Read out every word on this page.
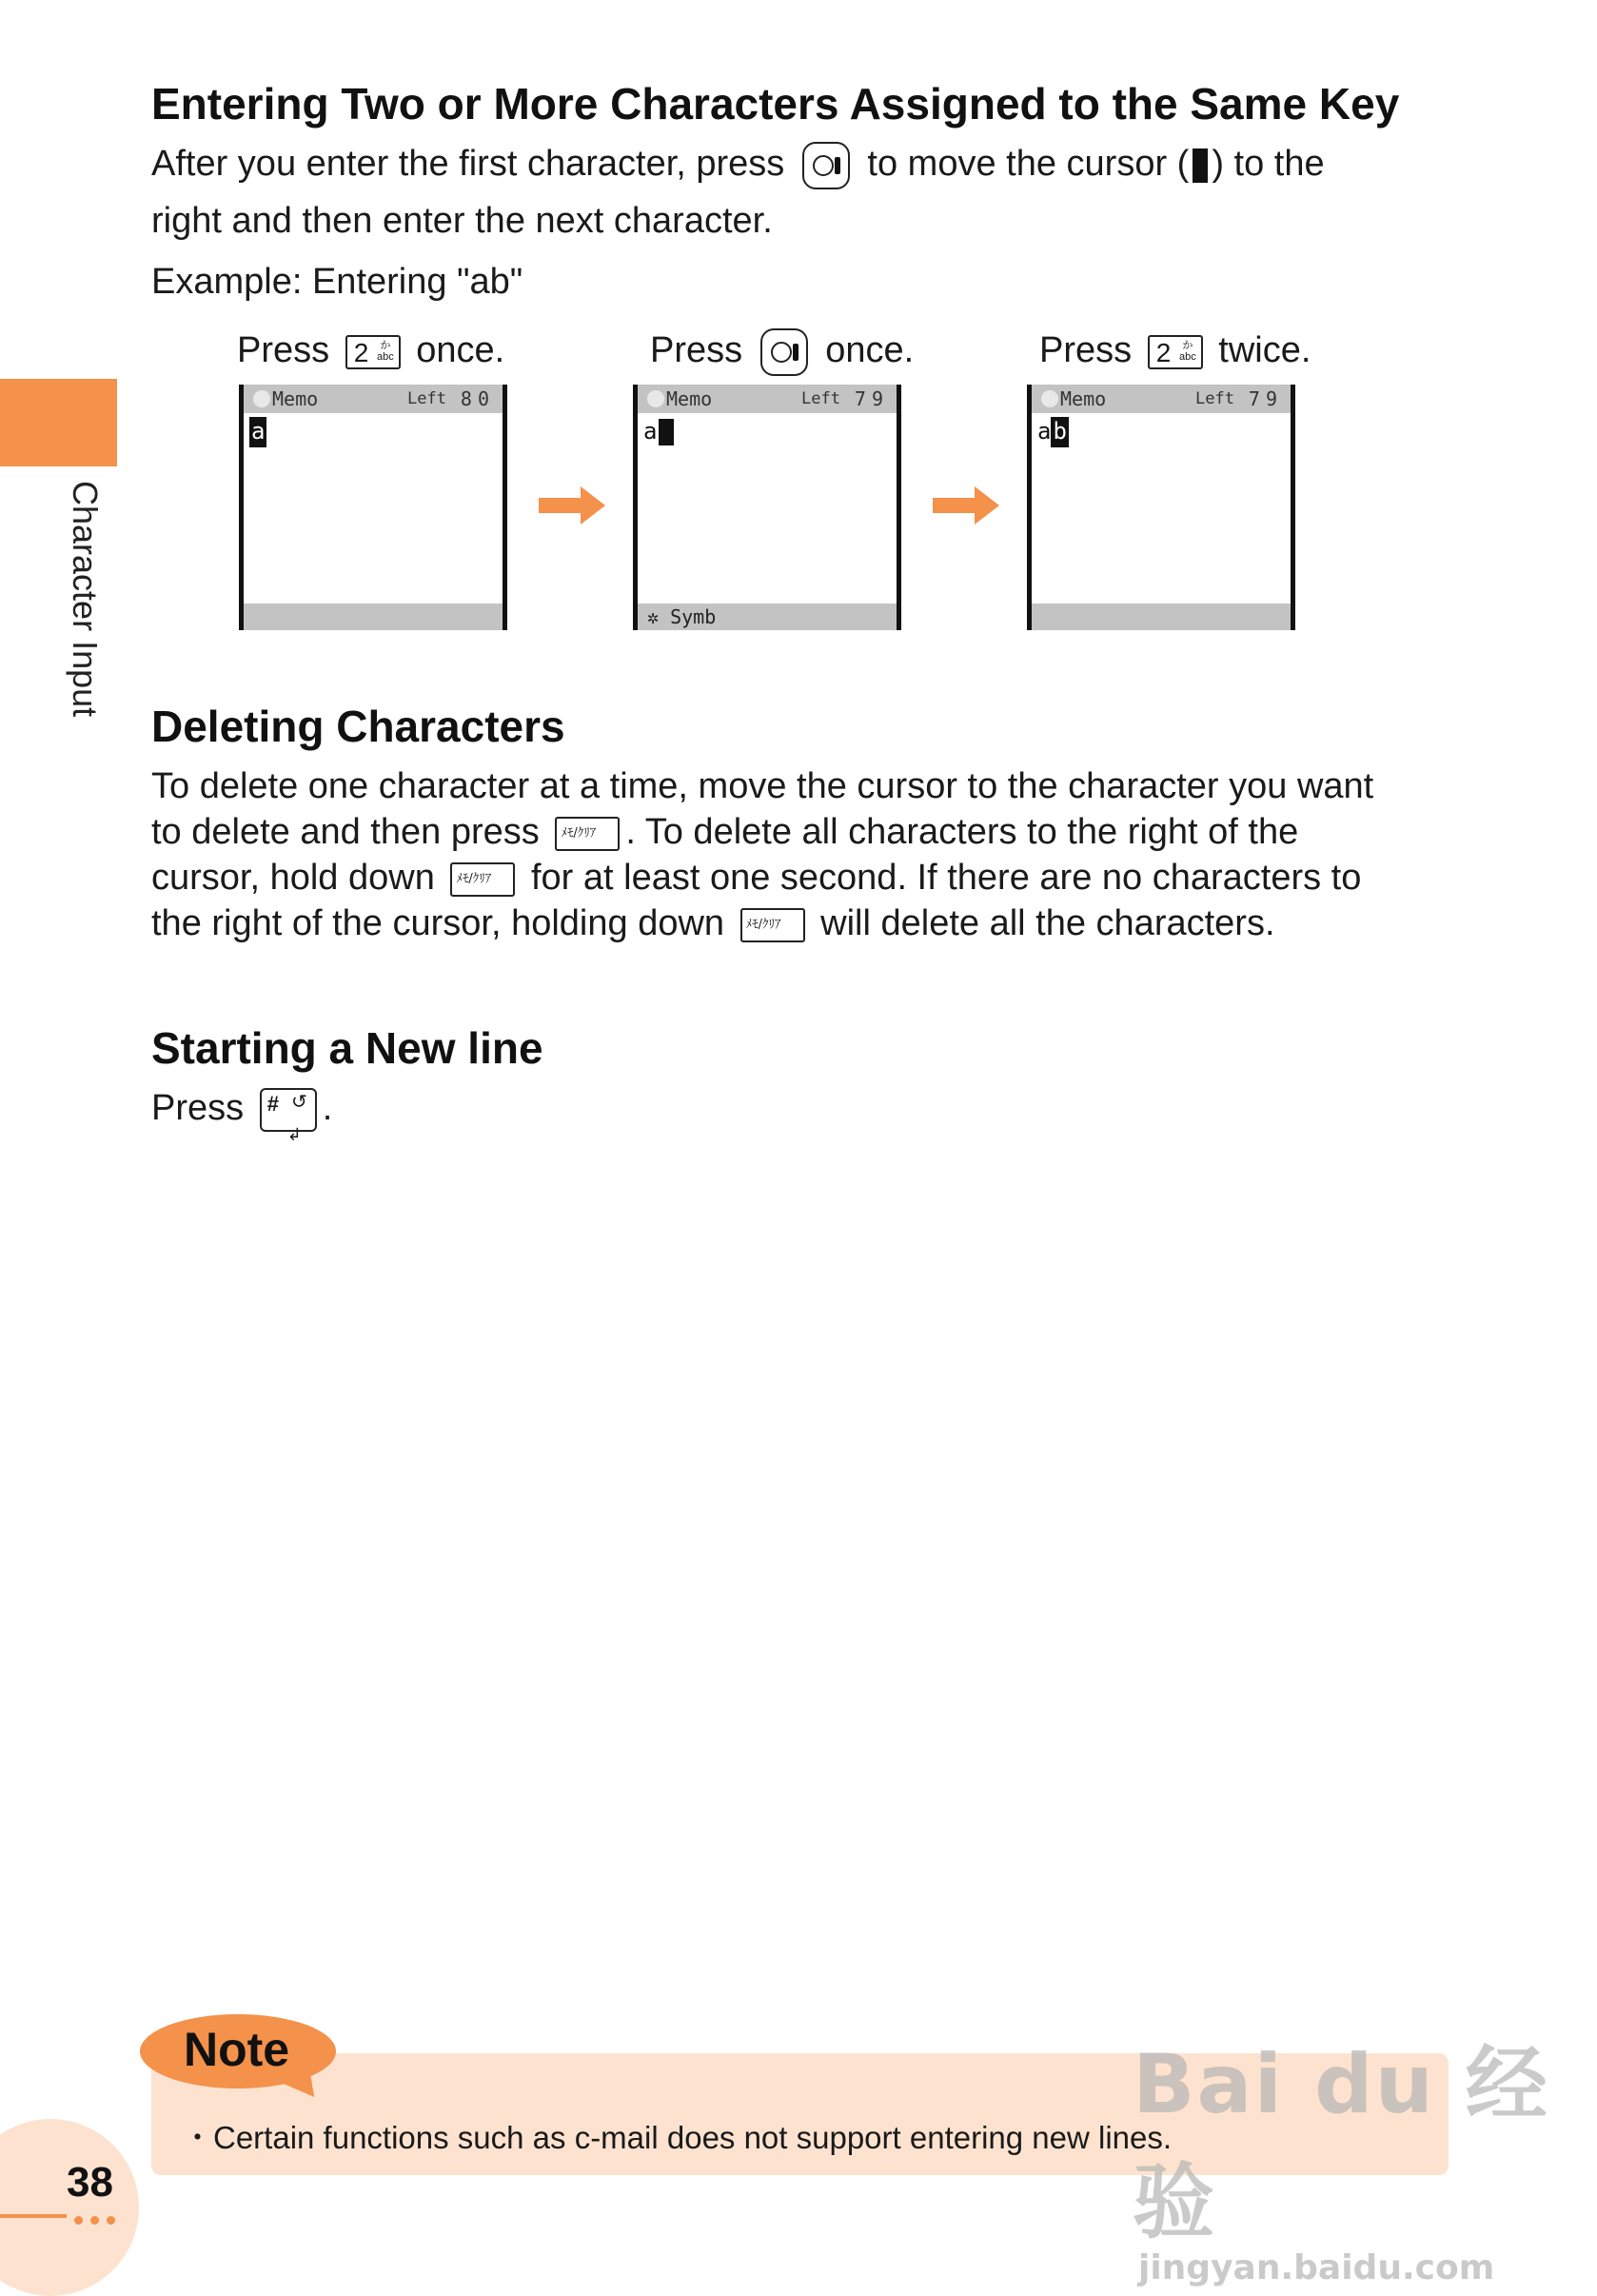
Character Input
Entering Two or More Characters Assigned to the Same Key
After you enter the first character, press to move the cursor ( ) to the
right and then enter the next character.
Example: Entering "ab"
Press 2	か
abc once.	Press once.	Press 2	か
abc twice.
Memo	Left 80
a
Memo	Left 79
a
✲ Symb
Memo	Left 79
ab
Deleting Characters
To delete one character at a time, move the cursor to the character you want
to delete and then press ﾒﾓ/ｸﾘｱ . To delete all characters to the right of the
cursor, hold down ﾒﾓ/ｸﾘｱ for at least one second. If there are no characters to
the right of the cursor, holding down ﾒﾓ/ｸﾘｱ will delete all the characters.
Starting a New line
Press # ↺
↲
.
Note
・Certain functions such as c-mail does not support entering new lines.
38
Bai du 经验
jingyan.baidu.com
